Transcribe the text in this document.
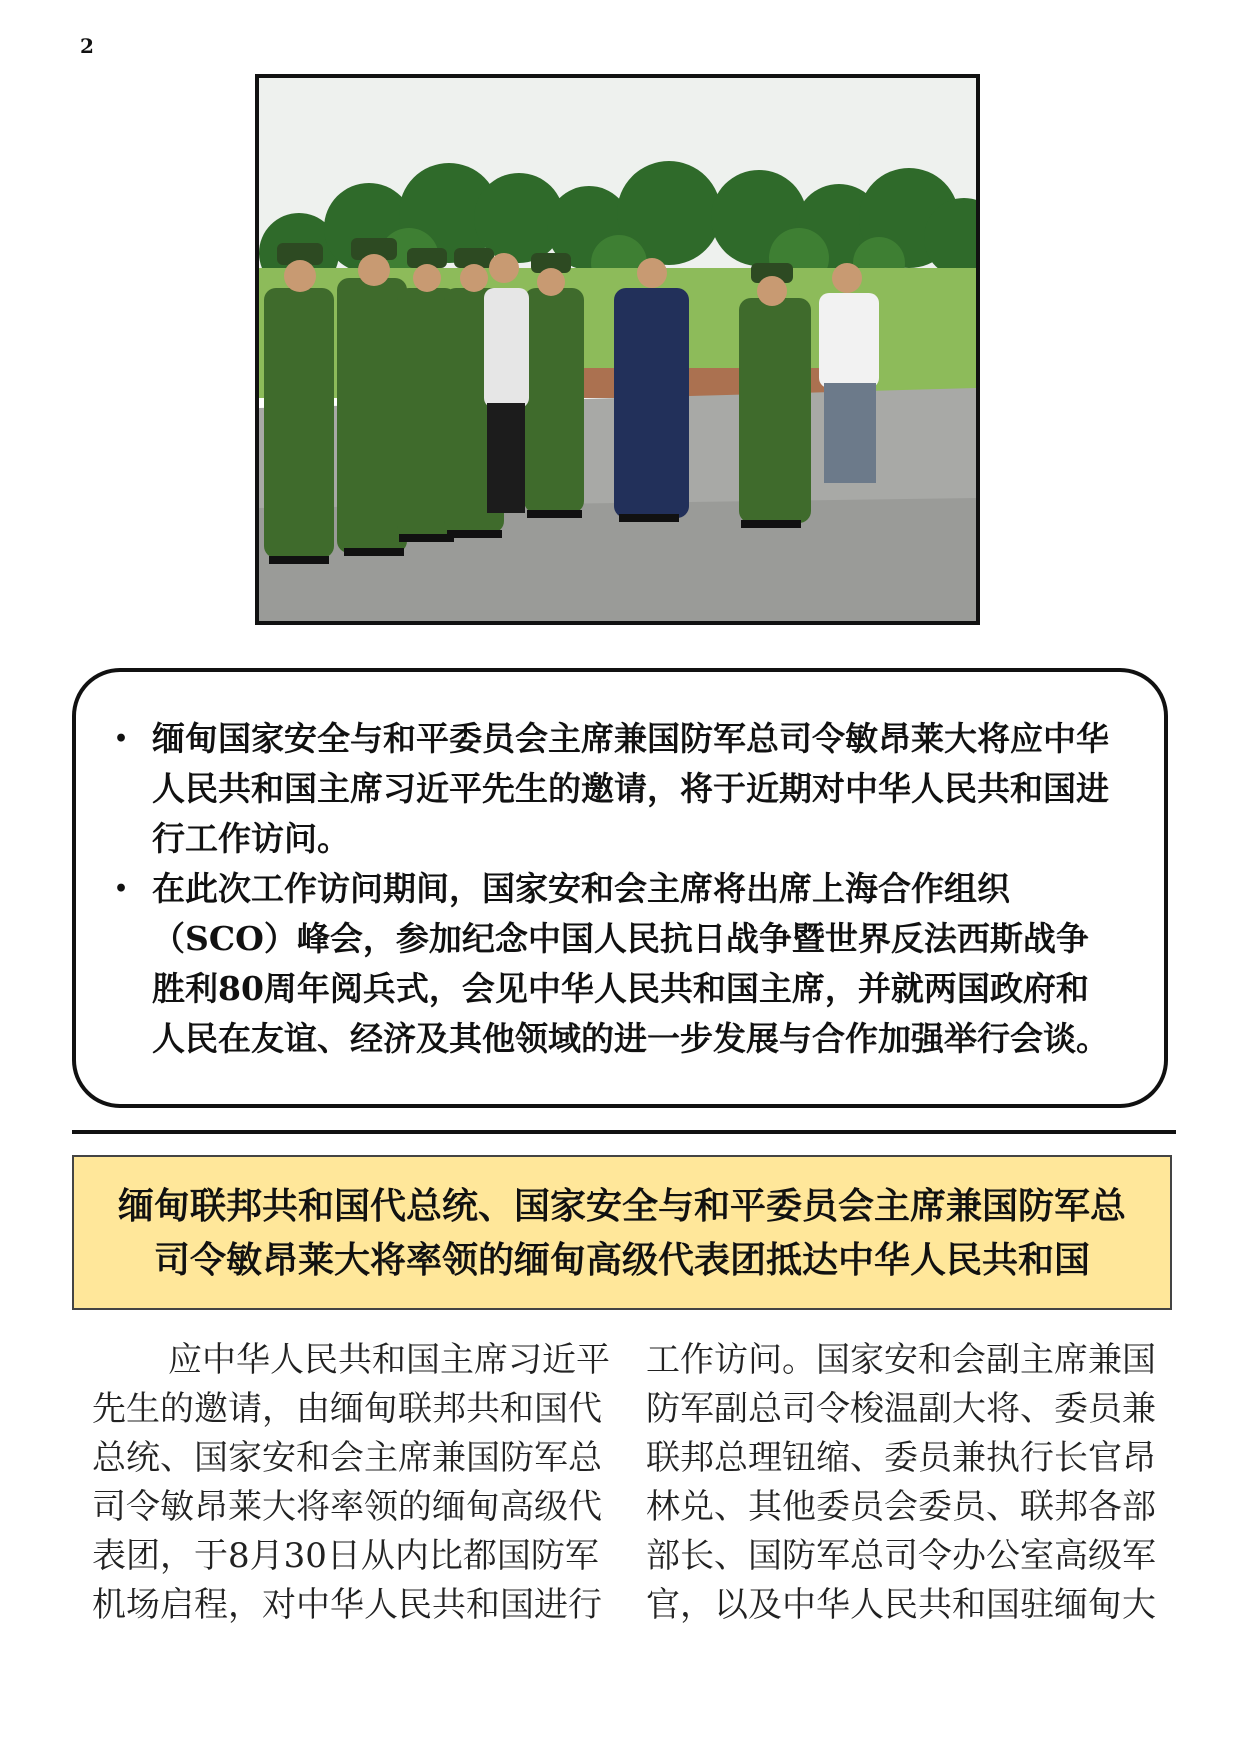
2
• 缅甸国家安全与和平委员会主席兼国防军总司令敏昂莱大将应中华人民共和国主席习近平先生的邀请，将于近期对中华人民共和国进行工作访问。
• 在此次工作访问期间，国家安和会主席将出席上海合作组织（SCO）峰会，参加纪念中国人民抗日战争暨世界反法西斯战争胜利80周年阅兵式，会见中华人民共和国主席，并就两国政府和人民在友谊、经济及其他领域的进一步发展与合作加强举行会谈。
缅甸联邦共和国代总统、国家安全与和平委员会主席兼国防军总
司令敏昂莱大将率领的缅甸高级代表团抵达中华人民共和国

应中华人民共和国主席习近平

先生的邀请，由缅甸联邦共和国代

总统、国家安和会主席兼国防军总

司令敏昂莱大将率领的缅甸高级代

表团，于8月30日从内比都国防军

机场启程，对中华人民共和国进行

工作访问。国家安和会副主席兼国

防军副总司令梭温副大将、委员兼

联邦总理钮缩、委员兼执行长官昂

林兑、其他委员会委员、联邦各部

部长、国防军总司令办公室高级军

官，以及中华人民共和国驻缅甸大
